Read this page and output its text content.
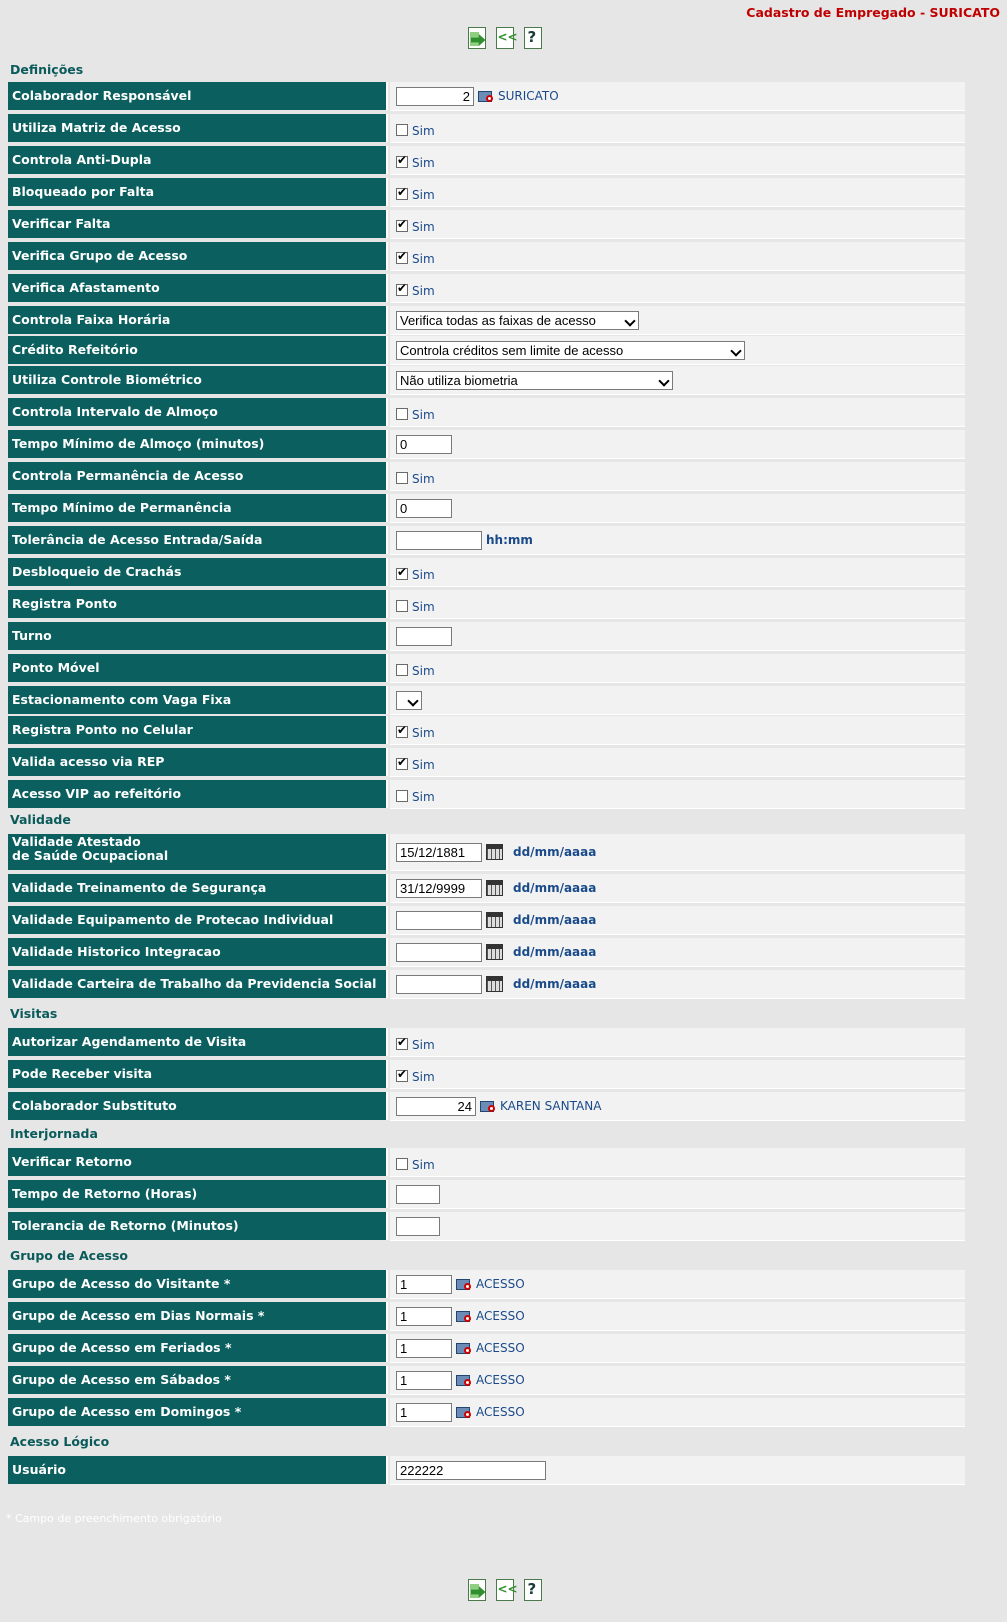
Cadastro de Empregado - SURICATO
<< ?
Definições
Colaborador Responsável	2	SURICATO
Utiliza Matriz de Acesso	Sim
Controla Anti-Dupla ✔	Sim
Bloqueado por Falta ✔	Sim
Verificar Falta ✔	Sim
Verifica Grupo de Acesso ✔	Sim
Verifica Afastamento ✔	Sim
Controla Faixa Horária	Verifica todas as faixas de acesso
Crédito Refeitório	Controla créditos sem limite de acesso
Utiliza Controle Biométrico	Não utiliza biometria
Controla Intervalo de Almoço	Sim
Tempo Mínimo de Almoço (minutos)	0
Controla Permanência de Acesso	Sim
Tempo Mínimo de Permanência	0
Tolerância de Acesso Entrada/Saída	hh:mm
Desbloqueio de Crachás ✔	Sim
Registra Ponto	Sim
Turno
Ponto Móvel	Sim
Estacionamento com Vaga Fixa
Registra Ponto no Celular ✔	Sim
Valida acesso via REP ✔	Sim
Acesso VIP ao refeitório	Sim
Validade
Validade Atestado
de Saúde Ocupacional	15/12/1881	dd/mm/aaaa
Validade Treinamento de Segurança	31/12/9999	dd/mm/aaaa
Validade Equipamento de Protecao Individual	dd/mm/aaaa
Validade Historico Integracao	dd/mm/aaaa
Validade Carteira de Trabalho da Previdencia Social	dd/mm/aaaa
Visitas
Autorizar Agendamento de Visita ✔	Sim
Pode Receber visita ✔	Sim
Colaborador Substituto	24	KAREN SANTANA
Interjornada
Verificar Retorno	Sim
Tempo de Retorno (Horas)
Tolerancia de Retorno (Minutos)
Grupo de Acesso
Grupo de Acesso do Visitante *	1	ACESSO
Grupo de Acesso em Dias Normais *	1	ACESSO
Grupo de Acesso em Feriados *	1	ACESSO
Grupo de Acesso em Sábados *	1	ACESSO
Grupo de Acesso em Domingos *	1	ACESSO
Acesso Lógico
Usuário	222222
* Campo de preenchimento obrigatório
<< ?
